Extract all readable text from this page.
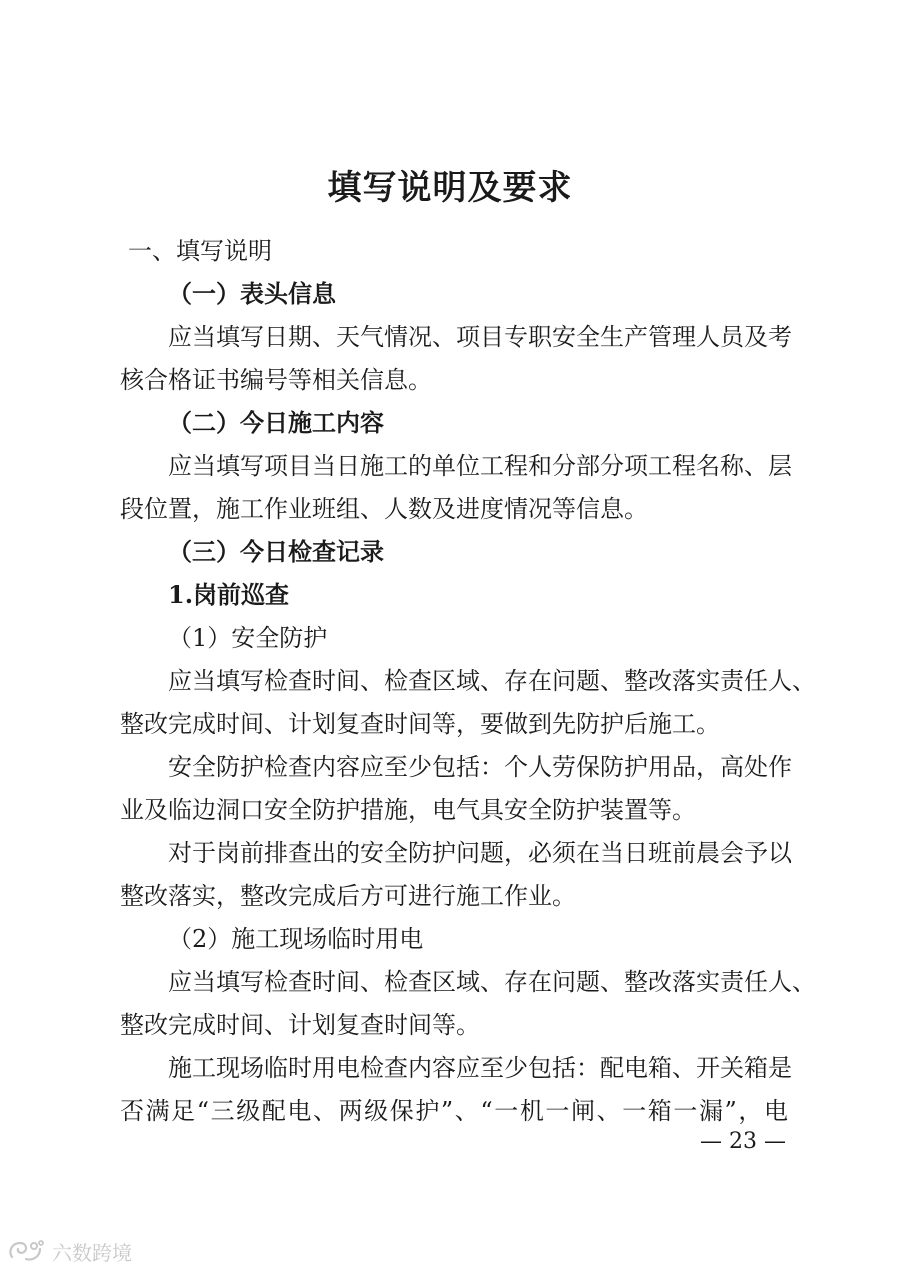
填写说明及要求
一、填写说明
（一）表头信息
应当填写日期、天气情况、项目专职安全生产管理人员及考
核合格证书编号等相关信息。
（二）今日施工内容
应当填写项目当日施工的单位工程和分部分项工程名称、层
段位置，施工作业班组、人数及进度情况等信息。
（三）今日检查记录
1.岗前巡查
（1）安全防护
应当填写检查时间、检查区域、存在问题、整改落实责任人、
整改完成时间、计划复查时间等，要做到先防护后施工。
安全防护检查内容应至少包括：个人劳保防护用品，高处作
业及临边洞口安全防护措施，电气具安全防护装置等。
对于岗前排查出的安全防护问题，必须在当日班前晨会予以
整改落实，整改完成后方可进行施工作业。
（2）施工现场临时用电
应当填写检查时间、检查区域、存在问题、整改落实责任人、
整改完成时间、计划复查时间等。
施工现场临时用电检查内容应至少包括：配电箱、开关箱是
否满足“三级配电、两级保护”、“一机一闸、一箱一漏”，电
— 23 —
六数跨境
